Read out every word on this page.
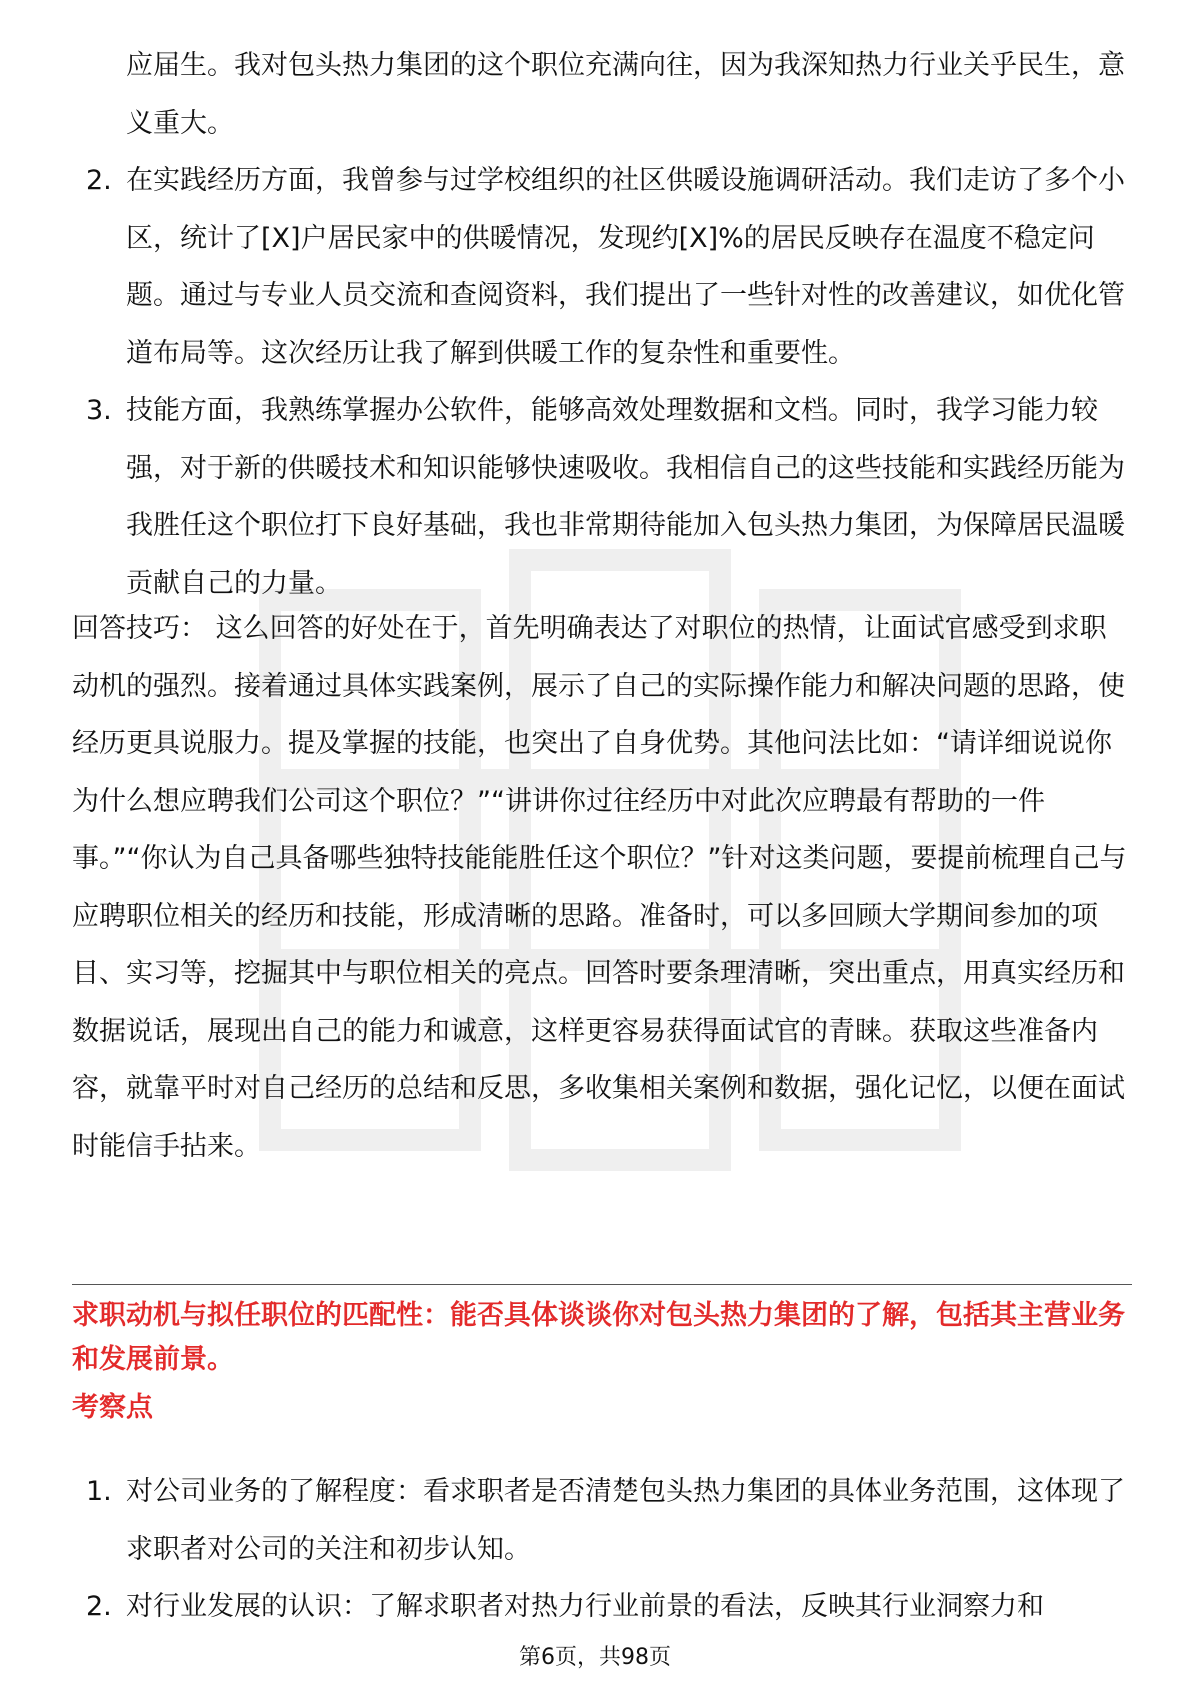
应届生。我对包头热力集团的这个职位充满向往，因为我深知热力行业关乎民生，意义重大。
2. 在实践经历方面，我曾参与过学校组织的社区供暖设施调研活动。我们走访了多个小区，统计了[X]户居民家中的供暖情况，发现约[X]%的居民反映存在温度不稳定问题。通过与专业人员交流和查阅资料，我们提出了一些针对性的改善建议，如优化管道布局等。这次经历让我了解到供暖工作的复杂性和重要性。
3. 技能方面，我熟练掌握办公软件，能够高效处理数据和文档。同时，我学习能力较强，对于新的供暖技术和知识能够快速吸收。我相信自己的这些技能和实践经历能为我胜任这个职位打下良好基础，我也非常期待能加入包头热力集团，为保障居民温暖贡献自己的力量。

回答技巧： 这么回答的好处在于，首先明确表达了对职位的热情，让面试官感受到求职动机的强烈。接着通过具体实践案例，展示了自己的实际操作能力和解决问题的思路，使经历更具说服力。提及掌握的技能，也突出了自身优势。其他问法比如：“请详细说说你为什么想应聘我们公司这个职位？”“讲讲你过往经历中对此次应聘最有帮助的一件事。”“你认为自己具备哪些独特技能能胜任这个职位？”针对这类问题，要提前梳理自己与应聘职位相关的经历和技能，形成清晰的思路。准备时，可以多回顾大学期间参加的项目、实习等，挖掘其中与职位相关的亮点。回答时要条理清晰，突出重点，用真实经历和数据说话，展现出自己的能力和诚意，这样更容易获得面试官的青睐。获取这些准备内容，就靠平时对自己经历的总结和反思，多收集相关案例和数据，强化记忆，以便在面试时能信手拈来。

求职动机与拟任职位的匹配性：能否具体谈谈你对包头热力集团的了解，包括其主营业务和发展前景。

考察点

1. 对公司业务的了解程度：看求职者是否清楚包头热力集团的具体业务范围，这体现了求职者对公司的关注和初步认知。
2. 对行业发展的认识：了解求职者对热力行业前景的看法，反映其行业洞察力和
第6页，共98页
